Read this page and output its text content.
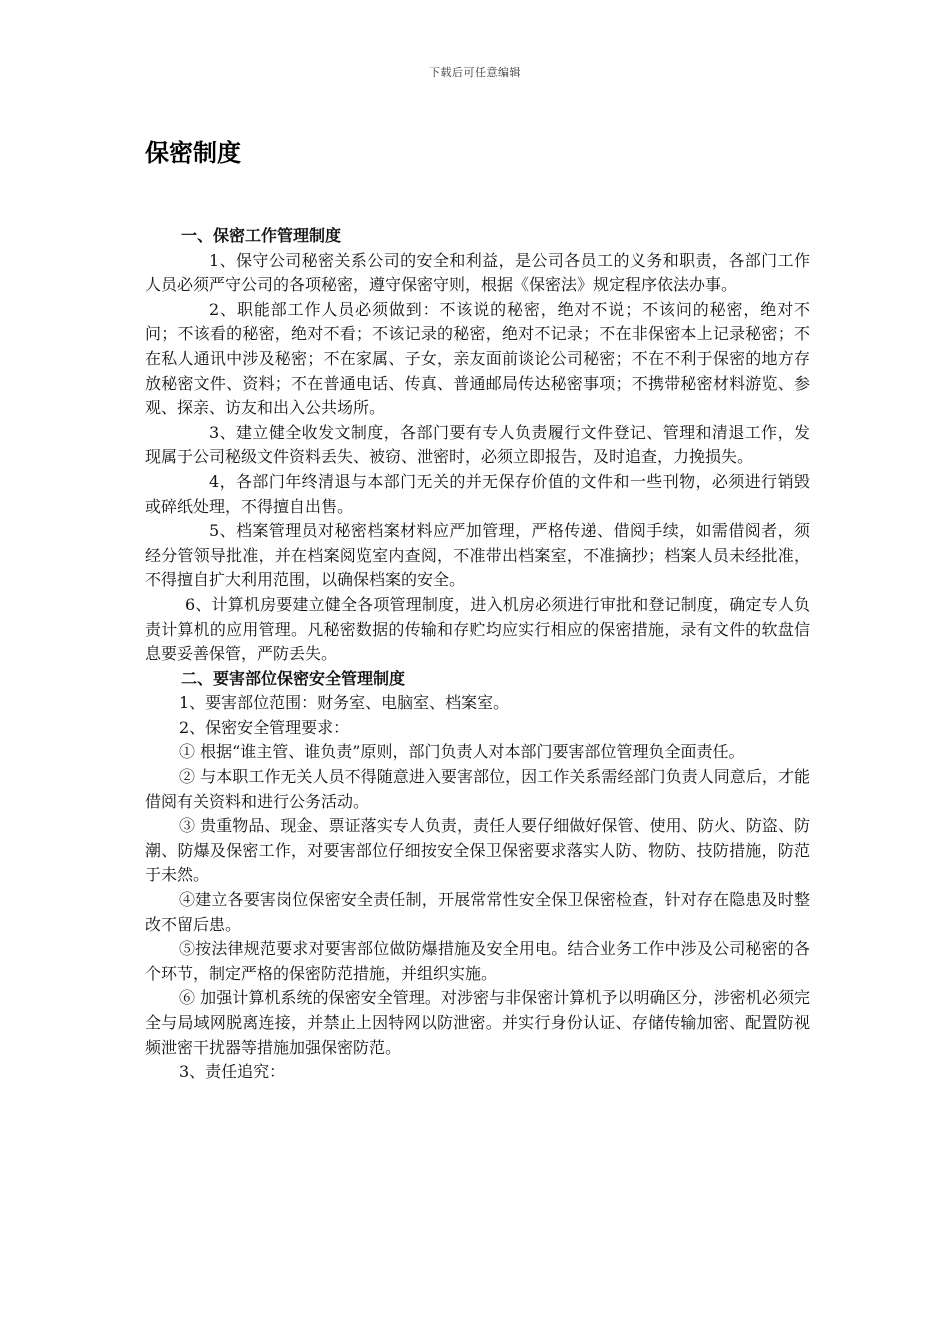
下载后可任意编辑
保密制度

一、保密工作管理制度

1、保守公司秘密关系公司的安全和利益，是公司各员工的义务和职责，各部门工作人员必须严守公司的各项秘密，遵守保密守则，根据《保密法》规定程序依法办事。

2、职能部工作人员必须做到：不该说的秘密，绝对不说；不该问的秘密，绝对不问；不该看的秘密，绝对不看；不该记录的秘密，绝对不记录；不在非保密本上记录秘密；不在私人通讯中涉及秘密；不在家属、子女，亲友面前谈论公司秘密；不在不利于保密的地方存放秘密文件、资料；不在普通电话、传真、普通邮局传达秘密事项；不携带秘密材料游览、参观、探亲、访友和出入公共场所。

3、建立健全收发文制度，各部门要有专人负责履行文件登记、管理和清退工作，发现属于公司秘级文件资料丢失、被窃、泄密时，必须立即报告，及时追查，力挽损失。

4，各部门年终清退与本部门无关的并无保存价值的文件和一些刊物，必须进行销毁或碎纸处理，不得擅自出售。

5、档案管理员对秘密档案材料应严加管理，严格传递、借阅手续，如需借阅者，须经分管领导批准，并在档案阅览室内查阅，不准带出档案室，不准摘抄；档案人员未经批准，不得擅自扩大利用范围，以确保档案的安全。

6、计算机房要建立健全各项管理制度，进入机房必须进行审批和登记制度，确定专人负责计算机的应用管理。凡秘密数据的传输和存贮均应实行相应的保密措施，录有文件的软盘信息要妥善保管，严防丢失。

二、要害部位保密安全管理制度

1、要害部位范围：财务室、电脑室、档案室。

2、保密安全管理要求：

① 根据“谁主管、谁负责”原则，部门负责人对本部门要害部位管理负全面责任。

② 与本职工作无关人员不得随意进入要害部位，因工作关系需经部门负责人同意后，才能借阅有关资料和进行公务活动。

③ 贵重物品、现金、票证落实专人负责，责任人要仔细做好保管、使用、防火、防盗、防潮、防爆及保密工作，对要害部位仔细按安全保卫保密要求落实人防、物防、技防措施，防范于未然。

④建立各要害岗位保密安全责任制，开展常常性安全保卫保密检查，针对存在隐患及时整改不留后患。

⑤按法律规范要求对要害部位做防爆措施及安全用电。结合业务工作中涉及公司秘密的各个环节，制定严格的保密防范措施，并组织实施。

⑥ 加强计算机系统的保密安全管理。对涉密与非保密计算机予以明确区分，涉密机必须完全与局域网脱离连接，并禁止上因特网以防泄密。并实行身份认证、存储传输加密、配置防视频泄密干扰器等措施加强保密防范。

3、责任追究：
